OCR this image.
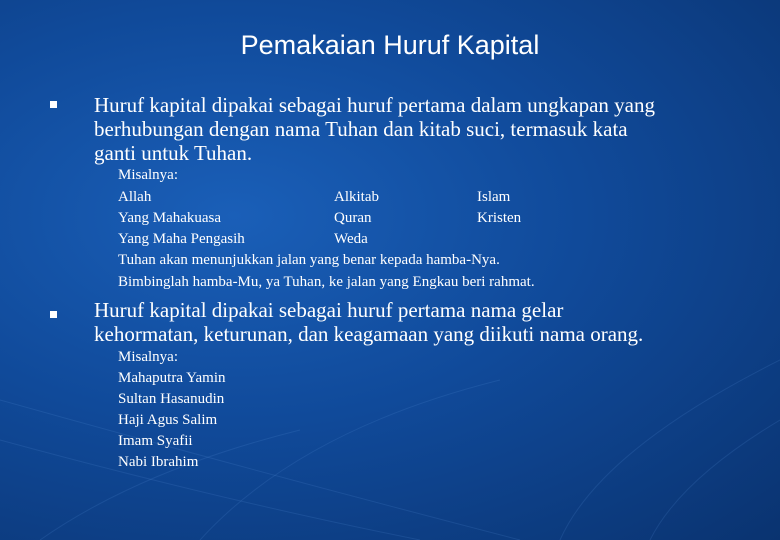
Pemakaian Huruf Kapital
Huruf kapital dipakai sebagai huruf pertama dalam ungkapan yang
berhubungan dengan nama Tuhan dan kitab suci, termasuk kata
ganti untuk Tuhan.
Misalnya:
Allah
Yang Mahakuasa
Yang Maha Pengasih
Alkitab
Quran
Weda
Islam
Kristen
Tuhan akan menunjukkan jalan yang benar kepada hamba-Nya.
Bimbinglah hamba-Mu, ya Tuhan, ke jalan yang Engkau beri rahmat.
Huruf kapital dipakai sebagai huruf pertama nama gelar
kehormatan, keturunan, dan keagamaan yang diikuti nama orang.
Misalnya:
Mahaputra Yamin
Sultan Hasanudin
Haji Agus Salim
Imam Syafii
Nabi Ibrahim
